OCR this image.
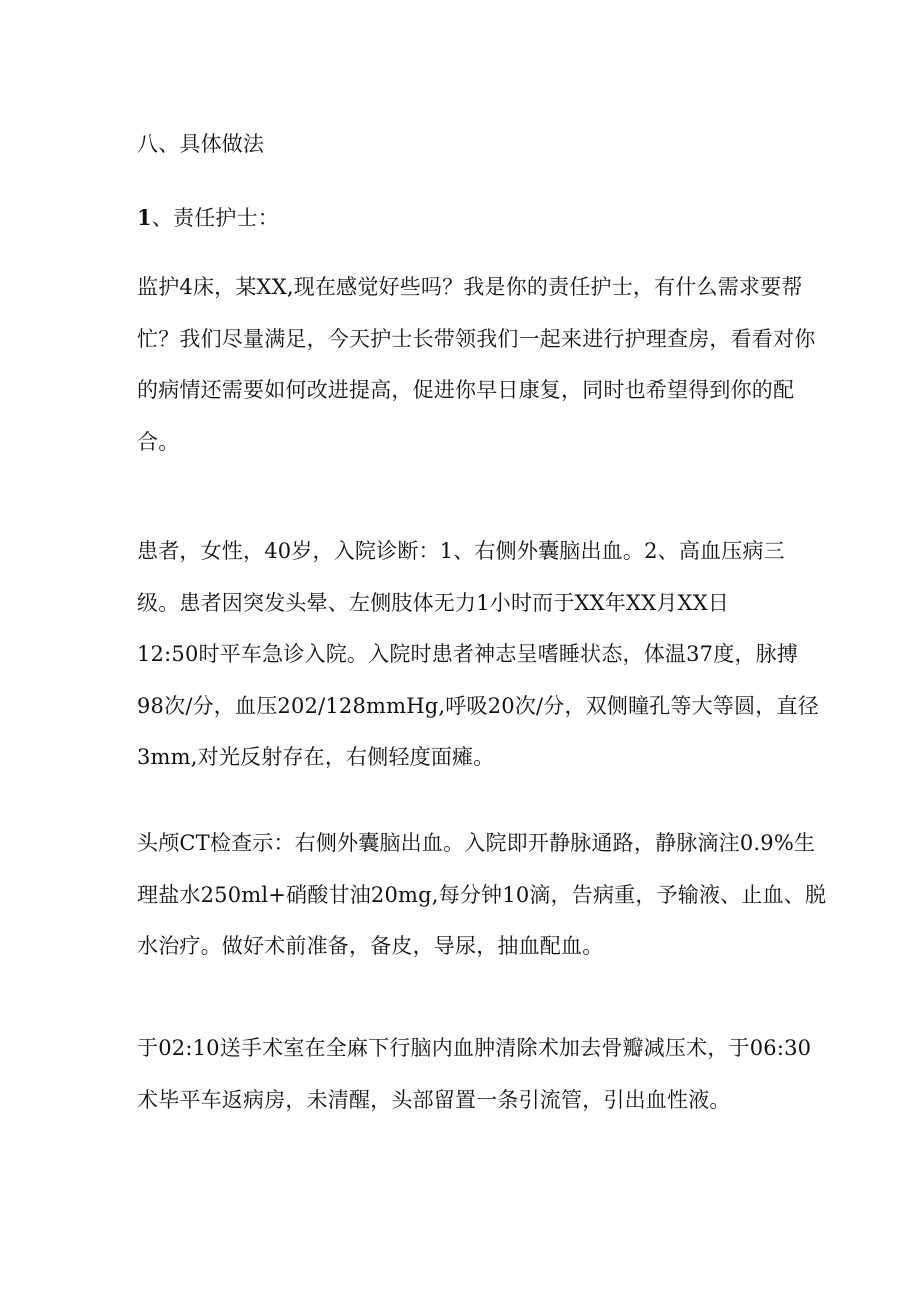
八、具体做法

1、责任护士：

监护4床，某XX,现在感觉好些吗？我是你的责任护士，有什么需求要帮
忙？我们尽量满足，今天护士长带领我们一起来进行护理查房，看看对你
的病情还需要如何改进提高，促进你早日康复，同时也希望得到你的配
合。

患者，女性，40岁，入院诊断：1、右侧外囊脑出血。2、高血压病三
级。患者因突发头晕、左侧肢体无力1小时而于XX年XX月XX日
12:50时平车急诊入院。入院时患者神志呈嗜睡状态，体温37度，脉搏
98次/分，血压202/128mmHg,呼吸20次/分，双侧瞳孔等大等圆，直径
3mm,对光反射存在，右侧轻度面瘫。

头颅CT检查示：右侧外囊脑出血。入院即开静脉通路，静脉滴注0.9%生
理盐水250ml+硝酸甘油20mg,每分钟10滴，告病重，予输液、止血、脱
水治疗。做好术前准备，备皮，导尿，抽血配血。

于02:10送手术室在全麻下行脑内血肿清除术加去骨瓣减压术，于06:30
术毕平车返病房，未清醒，头部留置一条引流管，引出血性液。
